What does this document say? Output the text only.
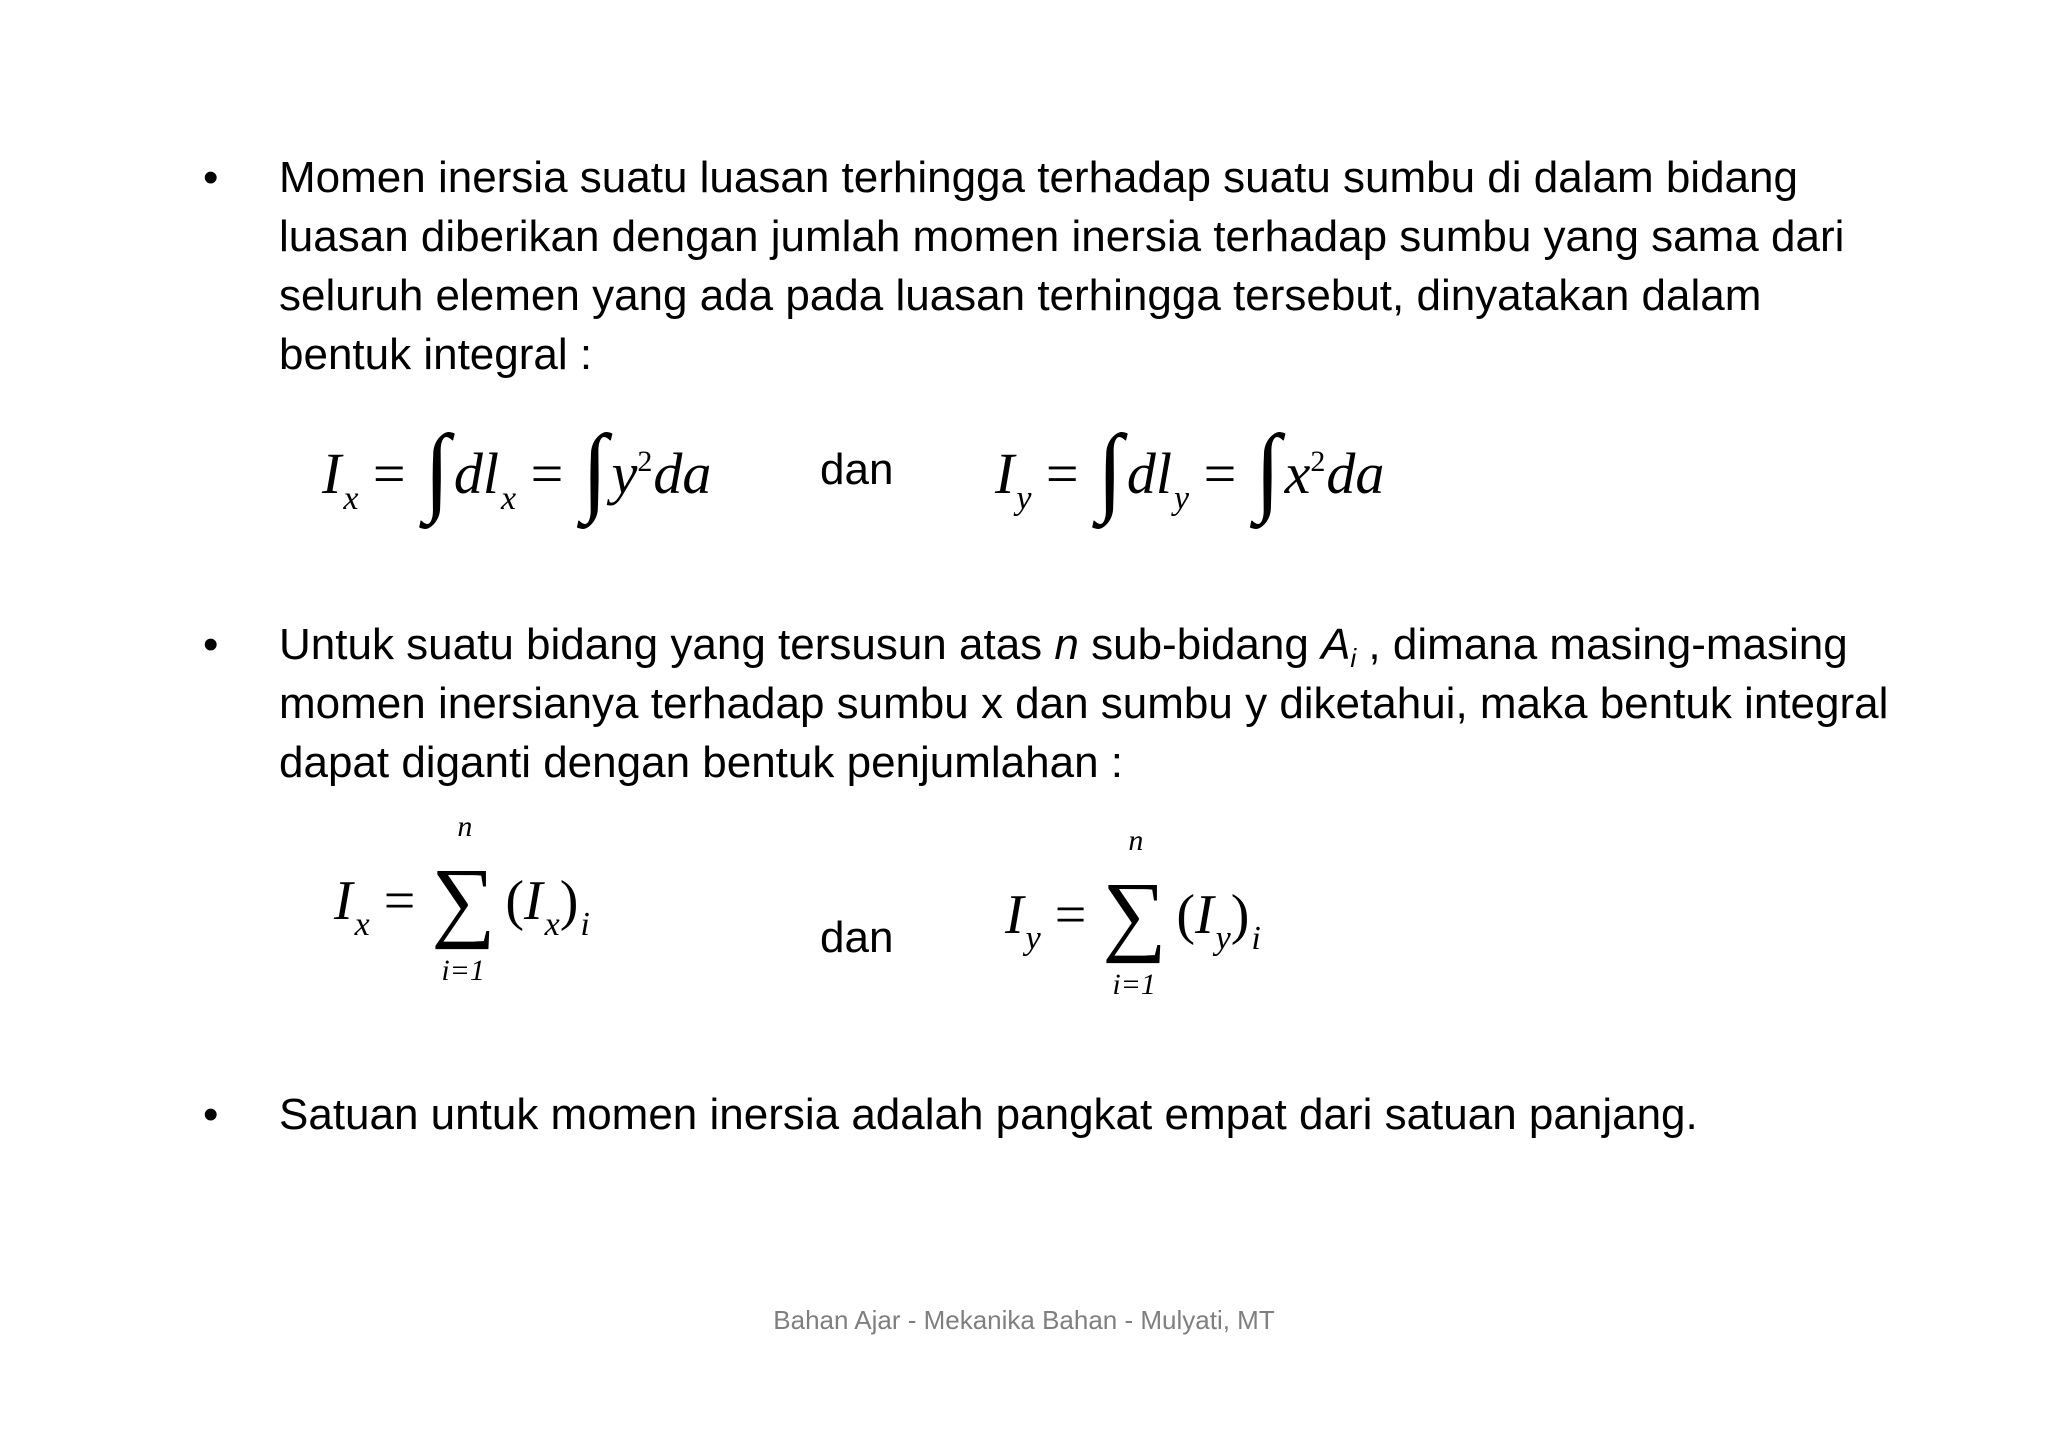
• Momen inersia suatu luasan terhingga terhadap suatu sumbu di dalam bidang luasan diberikan dengan jumlah momen inersia terhadap sumbu yang sama dari seluruh elemen yang ada pada luasan terhingga tersebut, dinyatakan dalam bentuk integral :
$I_x = \int dl_x = \int y^2da$ dan $I_y = \int dl_y = \int x^2da$
• Untuk suatu bidang yang tersusun atas n sub-bidang $A_i$ , dimana masing-masing momen inersianya terhadap sumbu x dan sumbu y diketahui, maka bentuk integral dapat diganti dengan bentuk penjumlahan :
$I_x$ =
n
∑
i=1
$(I_x)_i$	dan $I_y$ =
n
∑
i=1
$(I_y)_i$
• Satuan untuk momen inersia adalah pangkat empat dari satuan panjang.
Bahan Ajar - Mekanika Bahan - Mulyati, MT
